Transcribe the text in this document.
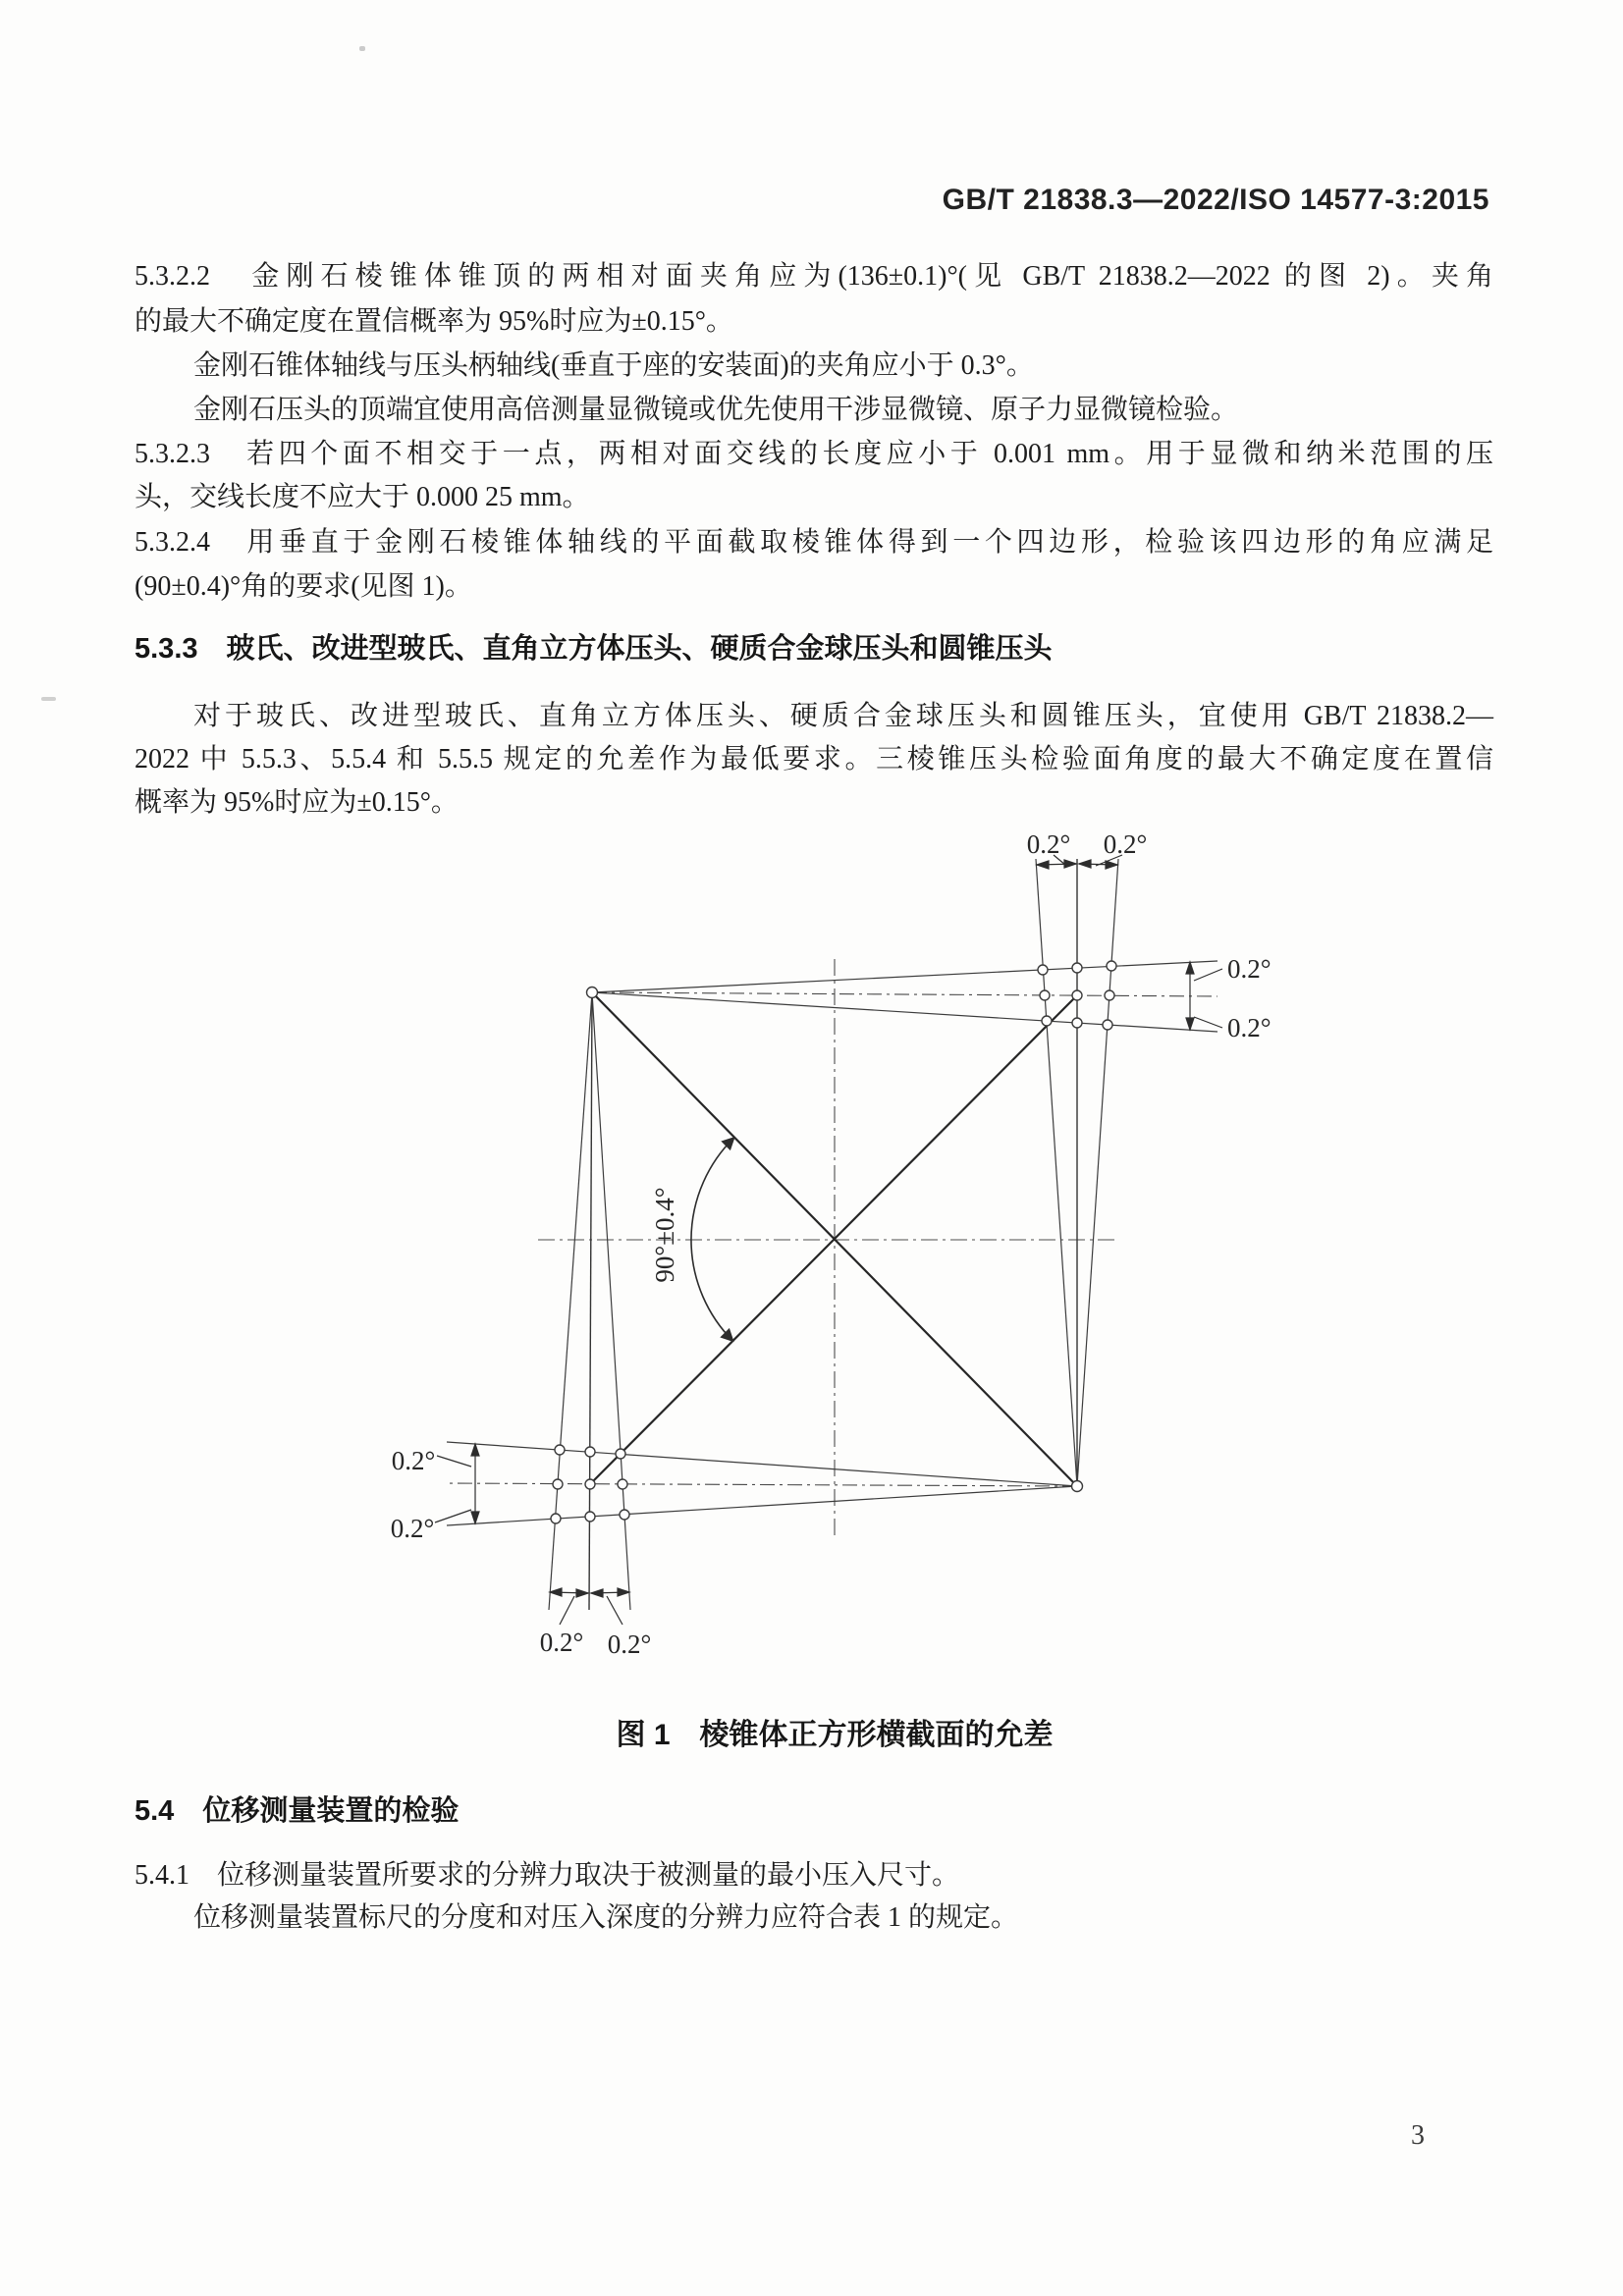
GB/T 21838.3—2022/ISO 14577-3:2015
5.3.2.2　金刚石棱锥体锥顶的两相对面夹角应为(136±0.1)°(见 GB/T 21838.2—2022 的图 2)。夹角
的最大不确定度在置信概率为 95%时应为±0.15°。
金刚石锥体轴线与压头柄轴线(垂直于座的安装面)的夹角应小于 0.3°。
金刚石压头的顶端宜使用高倍测量显微镜或优先使用干涉显微镜、原子力显微镜检验。
5.3.2.3　若四个面不相交于一点，两相对面交线的长度应小于 0.001 mm。用于显微和纳米范围的压
头，交线长度不应大于 0.000 25 mm。
5.3.2.4　用垂直于金刚石棱锥体轴线的平面截取棱锥体得到一个四边形，检验该四边形的角应满足
(90±0.4)°角的要求(见图 1)。
5.3.3　玻氏、改进型玻氏、直角立方体压头、硬质合金球压头和圆锥压头
对于玻氏、改进型玻氏、直角立方体压头、硬质合金球压头和圆锥压头，宜使用 GB/T 21838.2—
2022 中 5.5.3、5.5.4 和 5.5.5 规定的允差作为最低要求。三棱锥压头检验面角度的最大不确定度在置信
概率为 95%时应为±0.15°。
90°±0.4°
0.2° 0.2°
0.2°
0.2°
0.2°
0.2°
0.2° 0.2°
图 1　棱锥体正方形横截面的允差
5.4　位移测量装置的检验
5.4.1　位移测量装置所要求的分辨力取决于被测量的最小压入尺寸。
位移测量装置标尺的分度和对压入深度的分辨力应符合表 1 的规定。
3
